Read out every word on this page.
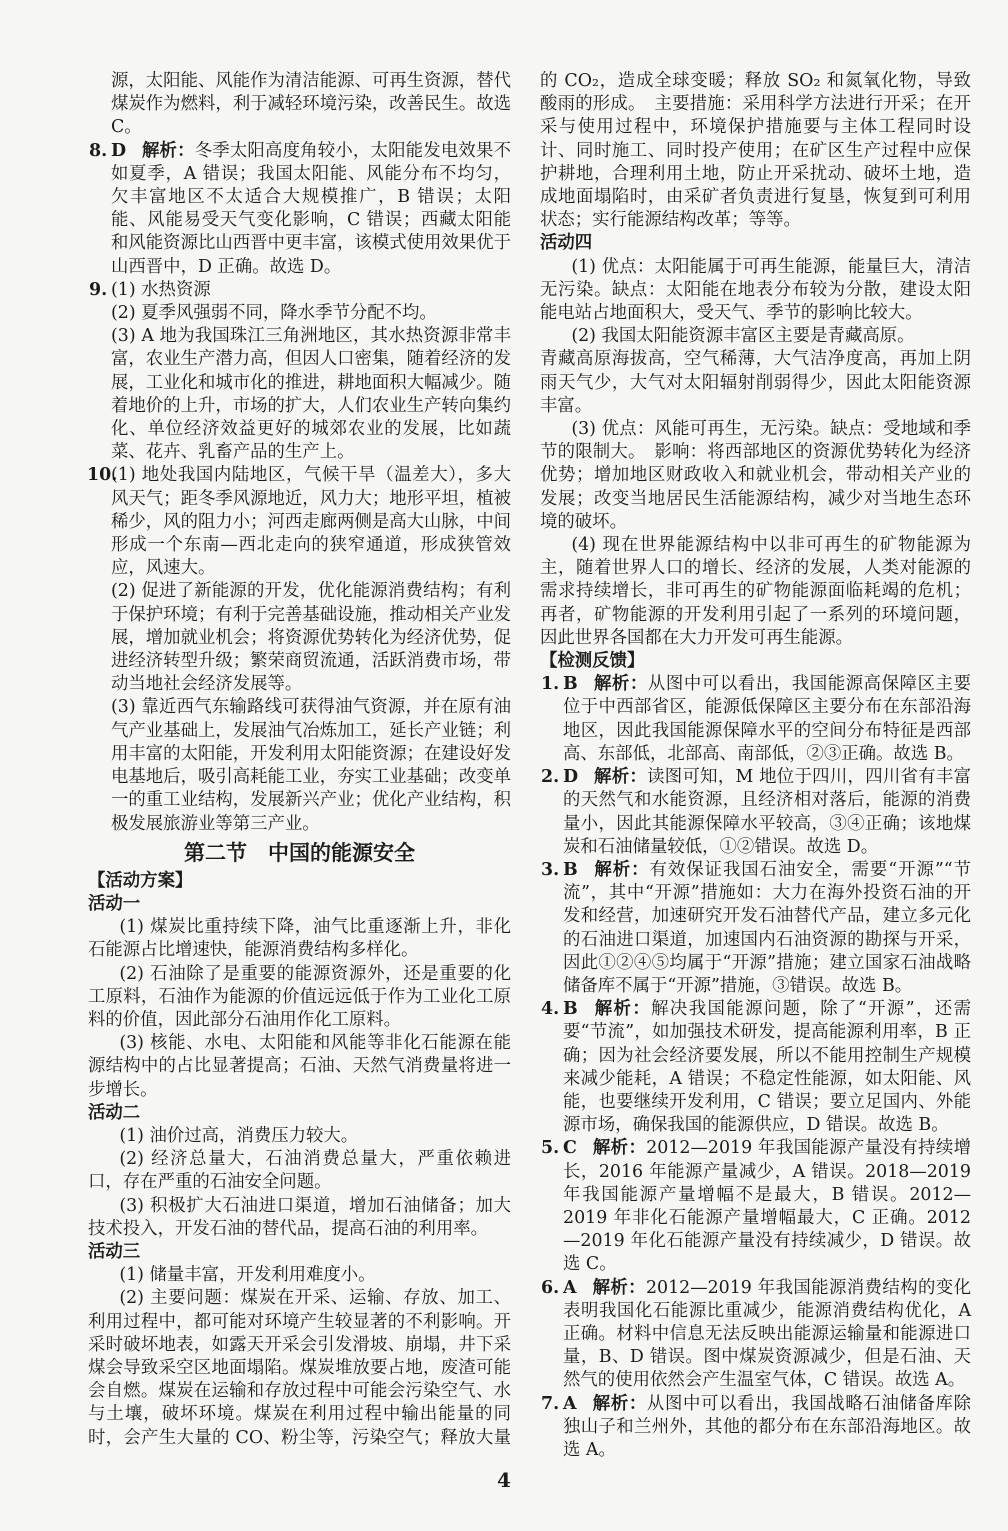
源，太阳能、风能作为清洁能源、可再生资源，替代煤炭作为燃料，利于减轻环境污染，改善民生。故选 C。

8. D 解析：冬季太阳高度角较小，太阳能发电效果不如夏季，A 错误；我国太阳能、风能分布不均匀，欠丰富地区不太适合大规模推广，B 错误；太阳能、风能易受天气变化影响，C 错误；西藏太阳能和风能资源比山西晋中更丰富，该模式使用效果优于山西晋中，D 正确。故选 D。

9. (1) 水热资源

(2) 夏季风强弱不同，降水季节分配不均。

(3) A 地为我国珠江三角洲地区，其水热资源非常丰富，农业生产潜力高，但因人口密集，随着经济的发展，工业化和城市化的推进，耕地面积大幅减少。随着地价的上升，市场的扩大，人们农业生产转向集约化、单位经济效益更好的城郊农业的发展，比如蔬菜、花卉、乳畜产品的生产上。

10.

(1) 地处我国内陆地区，气候干旱（温差大），多大风天气；距冬季风源地近，风力大；地形平坦，植被稀少，风的阻力小；河西走廊两侧是高大山脉，中间形成一个东南—西北走向的狭窄通道，形成狭管效应，风速大。

(2) 促进了新能源的开发，优化能源消费结构；有利于保护环境；有利于完善基础设施，推动相关产业发展，增加就业机会；将资源优势转化为经济优势，促进经济转型升级；繁荣商贸流通，活跃消费市场，带动当地社会经济发展等。

(3) 靠近西气东输路线可获得油气资源，并在原有油气产业基础上，发展油气冶炼加工，延长产业链；利用丰富的太阳能，开发利用太阳能资源；在建设好发电基地后，吸引高耗能工业，夯实工业基础；改变单一的重工业结构，发展新兴产业；优化产业结构，积极发展旅游业等第三产业。

第二节　中国的能源安全

【活动方案】

活动一

(1) 煤炭比重持续下降，油气比重逐渐上升，非化石能源占比增速快，能源消费结构多样化。

(2) 石油除了是重要的能源资源外，还是重要的化工原料，石油作为能源的价值远远低于作为工业化工原料的价值，因此部分石油用作化工原料。

(3) 核能、水电、太阳能和风能等非化石能源在能源结构中的占比显著提高；石油、天然气消费量将进一步增长。

活动二

(1) 油价过高，消费压力较大。

(2) 经济总量大，石油消费总量大，严重依赖进口，存在严重的石油安全问题。

(3) 积极扩大石油进口渠道，增加石油储备；加大技术投入，开发石油的替代品，提高石油的利用率。

活动三

(1) 储量丰富，开发利用难度小。

(2) 主要问题：煤炭在开采、运输、存放、加工、利用过程中，都可能对环境产生较显著的不利影响。开采时破坏地表，如露天开采会引发滑坡、崩塌，井下采煤会导致采空区地面塌陷。煤炭堆放要占地，废渣可能会自燃。煤炭在运输和存放过程中可能会污染空气、水与土壤，破坏环境。煤炭在利用过程中输出能量的同时，会产生大量的 CO、粉尘等，污染空气；释放大量

的 CO₂，造成全球变暖；释放 SO₂ 和氮氧化物，导致酸雨的形成。　主要措施：采用科学方法进行开采；在开采与使用过程中，环境保护措施要与主体工程同时设计、同时施工、同时投产使用；在矿区生产过程中应保护耕地，合理利用土地，防止开采扰动、破坏土地，造成地面塌陷时，由采矿者负责进行复垦，恢复到可利用状态；实行能源结构改革；等等。

活动四

(1) 优点：太阳能属于可再生能源，能量巨大，清洁无污染。缺点：太阳能在地表分布较为分散，建设太阳能电站占地面积大，受天气、季节的影响比较大。

(2) 我国太阳能资源丰富区主要是青藏高原。

青藏高原海拔高，空气稀薄，大气洁净度高，再加上阴雨天气少，大气对太阳辐射削弱得少，因此太阳能资源丰富。

(3) 优点：风能可再生，无污染。缺点：受地域和季节的限制大。　影响：将西部地区的资源优势转化为经济优势；增加地区财政收入和就业机会，带动相关产业的发展；改变当地居民生活能源结构，减少对当地生态环境的破坏。

(4) 现在世界能源结构中以非可再生的矿物能源为主，随着世界人口的增长、经济的发展，人类对能源的需求持续增长，非可再生的矿物能源面临耗竭的危机；再者，矿物能源的开发利用引起了一系列的环境问题，因此世界各国都在大力开发可再生能源。

【检测反馈】

1. B 解析：从图中可以看出，我国能源高保障区主要位于中西部省区，能源低保障区主要分布在东部沿海地区，因此我国能源保障水平的空间分布特征是西部高、东部低，北部高、南部低，②③正确。故选 B。

2. D 解析：读图可知，M 地位于四川，四川省有丰富的天然气和水能资源，且经济相对落后，能源的消费量小，因此其能源保障水平较高，③④正确；该地煤炭和石油储量较低，①②错误。故选 D。

3. B 解析：有效保证我国石油安全，需要“开源”“节流”，其中“开源”措施如：大力在海外投资石油的开发和经营，加速研究开发石油替代产品，建立多元化的石油进口渠道，加速国内石油资源的勘探与开采，因此①②④⑤均属于“开源”措施；建立国家石油战略储备库不属于“开源”措施，③错误。故选 B。

4. B 解析：解决我国能源问题，除了“开源”，还需要“节流”，如加强技术研发，提高能源利用率，B 正确；因为社会经济要发展，所以不能用控制生产规模来减少能耗，A 错误；不稳定性能源，如太阳能、风能，也要继续开发利用，C 错误；要立足国内、外能源市场，确保我国的能源供应，D 错误。故选 B。

5. C 解析：2012—2019 年我国能源产量没有持续增长，2016 年能源产量减少，A 错误。2018—2019 年我国能源产量增幅不是最大，B 错误。2012—2019 年非化石能源产量增幅最大，C 正确。2012—2019 年化石能源产量没有持续减少，D 错误。故选 C。

6. A 解析：2012—2019 年我国能源消费结构的变化表明我国化石能源比重减少，能源消费结构优化，A 正确。材料中信息无法反映出能源运输量和能源进口量，B、D 错误。图中煤炭资源减少，但是石油、天然气的使用依然会产生温室气体，C 错误。故选 A。

7. A 解析：从图中可以看出，我国战略石油储备库除独山子和兰州外，其他的都分布在东部沿海地区。故选 A。

4
